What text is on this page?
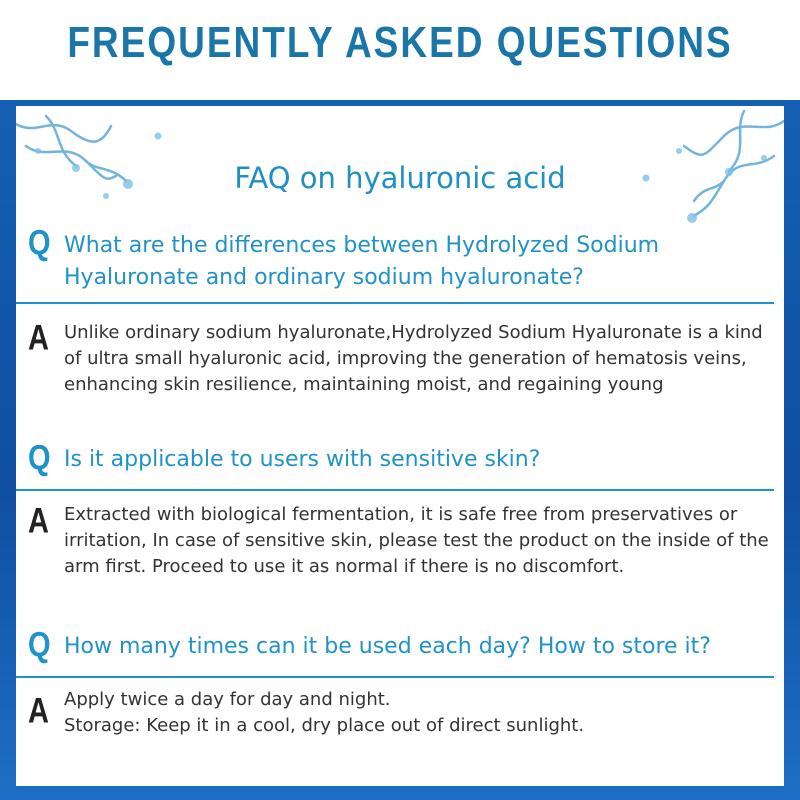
FREQUENTLY ASKED QUESTIONS
FAQ on hyaluronic acid
Q What are the differences between Hydrolyzed Sodium Hyaluronate and ordinary sodium hyaluronate?
A Unlike ordinary sodium hyaluronate,Hydrolyzed Sodium Hyaluronate is a kind of ultra small hyaluronic acid, improving the generation of hematosis veins, enhancing skin resilience, maintaining moist, and regaining young
Q Is it applicable to users with sensitive skin?
A Extracted with biological fermentation, it is safe free from preservatives or irritation, In case of sensitive skin, please test the product on the inside of the arm first. Proceed to use it as normal if there is no discomfort.
Q How many times can it be used each day? How to store it?
A Apply twice a day for day and night.
Storage: Keep it in a cool, dry place out of direct sunlight.
